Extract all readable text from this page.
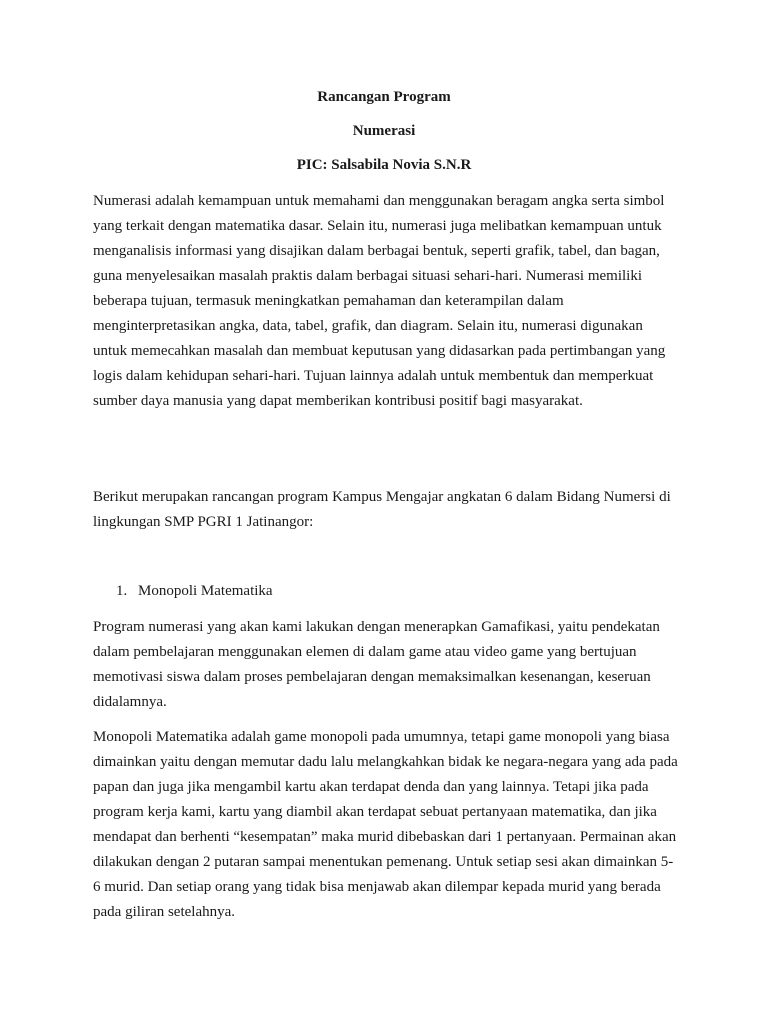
Rancangan Program
Numerasi
PIC: Salsabila Novia S.N.R

Numerasi adalah kemampuan untuk memahami dan menggunakan beragam angka serta simbol yang terkait dengan matematika dasar. Selain itu, numerasi juga melibatkan kemampuan untuk menganalisis informasi yang disajikan dalam berbagai bentuk, seperti grafik, tabel, dan bagan, guna menyelesaikan masalah praktis dalam berbagai situasi sehari-hari. Numerasi memiliki beberapa tujuan, termasuk meningkatkan pemahaman dan keterampilan dalam menginterpretasikan angka, data, tabel, grafik, dan diagram. Selain itu, numerasi digunakan untuk memecahkan masalah dan membuat keputusan yang didasarkan pada pertimbangan yang logis dalam kehidupan sehari-hari. Tujuan lainnya adalah untuk membentuk dan memperkuat sumber daya manusia yang dapat memberikan kontribusi positif bagi masyarakat.

Berikut merupakan rancangan program Kampus Mengajar angkatan 6 dalam Bidang Numersi di lingkungan SMP PGRI 1 Jatinangor:

1. Monopoli Matematika

Program numerasi yang akan kami lakukan dengan menerapkan Gamafikasi, yaitu pendekatan dalam pembelajaran menggunakan elemen di dalam game atau video game yang bertujuan memotivasi siswa dalam proses pembelajaran dengan memaksimalkan kesenangan, keseruan didalamnya.

Monopoli Matematika adalah game monopoli pada umumnya, tetapi game monopoli yang biasa dimainkan yaitu dengan memutar dadu lalu melangkahkan bidak ke negara-negara yang ada pada papan dan juga jika mengambil kartu akan terdapat denda dan yang lainnya. Tetapi jika pada program kerja kami, kartu yang diambil akan terdapat sebuat pertanyaan matematika, dan jika mendapat dan berhenti “kesempatan” maka murid dibebaskan dari 1 pertanyaan. Permainan akan dilakukan dengan 2 putaran sampai menentukan pemenang. Untuk setiap sesi akan dimainkan 5-6 murid. Dan setiap orang yang tidak bisa menjawab akan dilempar kepada murid yang berada pada giliran setelahnya.
